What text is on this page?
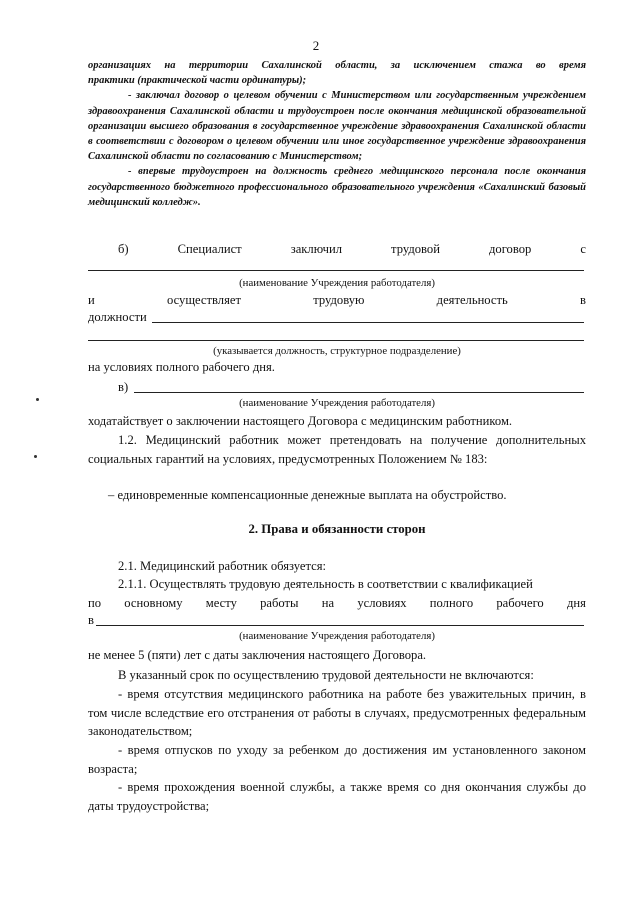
2

организациях на территории Сахалинской области, за исключением стажа во время

практики (практической части ординатуры);

- заключал договор о целевом обучении с Министерством или государственным учреждением здравоохранения Сахалинской области и трудоустроен после окончания медицинской образовательной организации высшего образования в государственное учреждение здравоохранения Сахалинской области в соответствии с договором о целевом обучении или иное государственное учреждение здравоохранения Сахалинской области по согласованию с Министерством;

- впервые трудоустроен на должность среднего медицинского персонала после окончания государственного бюджетного профессионального образовательного учреждения «Сахалинский базовый медицинский колледж».

б)	Специалист	заключил	трудовой	договор	с
(наименование Учреждения работодателя)
и	осуществляет	трудовую	деятельность	в
должности
(указывается должность, структурное подразделение)
на условиях полного рабочего дня.
в)
(наименование Учреждения работодателя)
ходатайствует о заключении настоящего Договора с медицинским работником.
1.2. Медицинский работник может претендовать на получение дополнительных социальных гарантий на условиях, предусмотренных Положением № 183:
– единовременные компенсационные денежные выплата на обустройство.
2. Права и обязанности сторон
2.1. Медицинский работник обязуется:
2.1.1. Осуществлять трудовую деятельность в соответствии с квалификацией
по основному месту работы на условиях полного рабочего дня
в
(наименование Учреждения работодателя)
не менее 5 (пяти) лет с даты заключения настоящего Договора.
В указанный срок по осуществлению трудовой деятельности не включаются:
- время отсутствия медицинского работника на работе без уважительных причин, в том числе вследствие его отстранения от работы в случаях, предусмотренных федеральным законодательством;
- время отпусков по уходу за ребенком до достижения им установленного законом возраста;
- время прохождения военной службы, а также время со дня окончания службы до даты трудоустройства;
